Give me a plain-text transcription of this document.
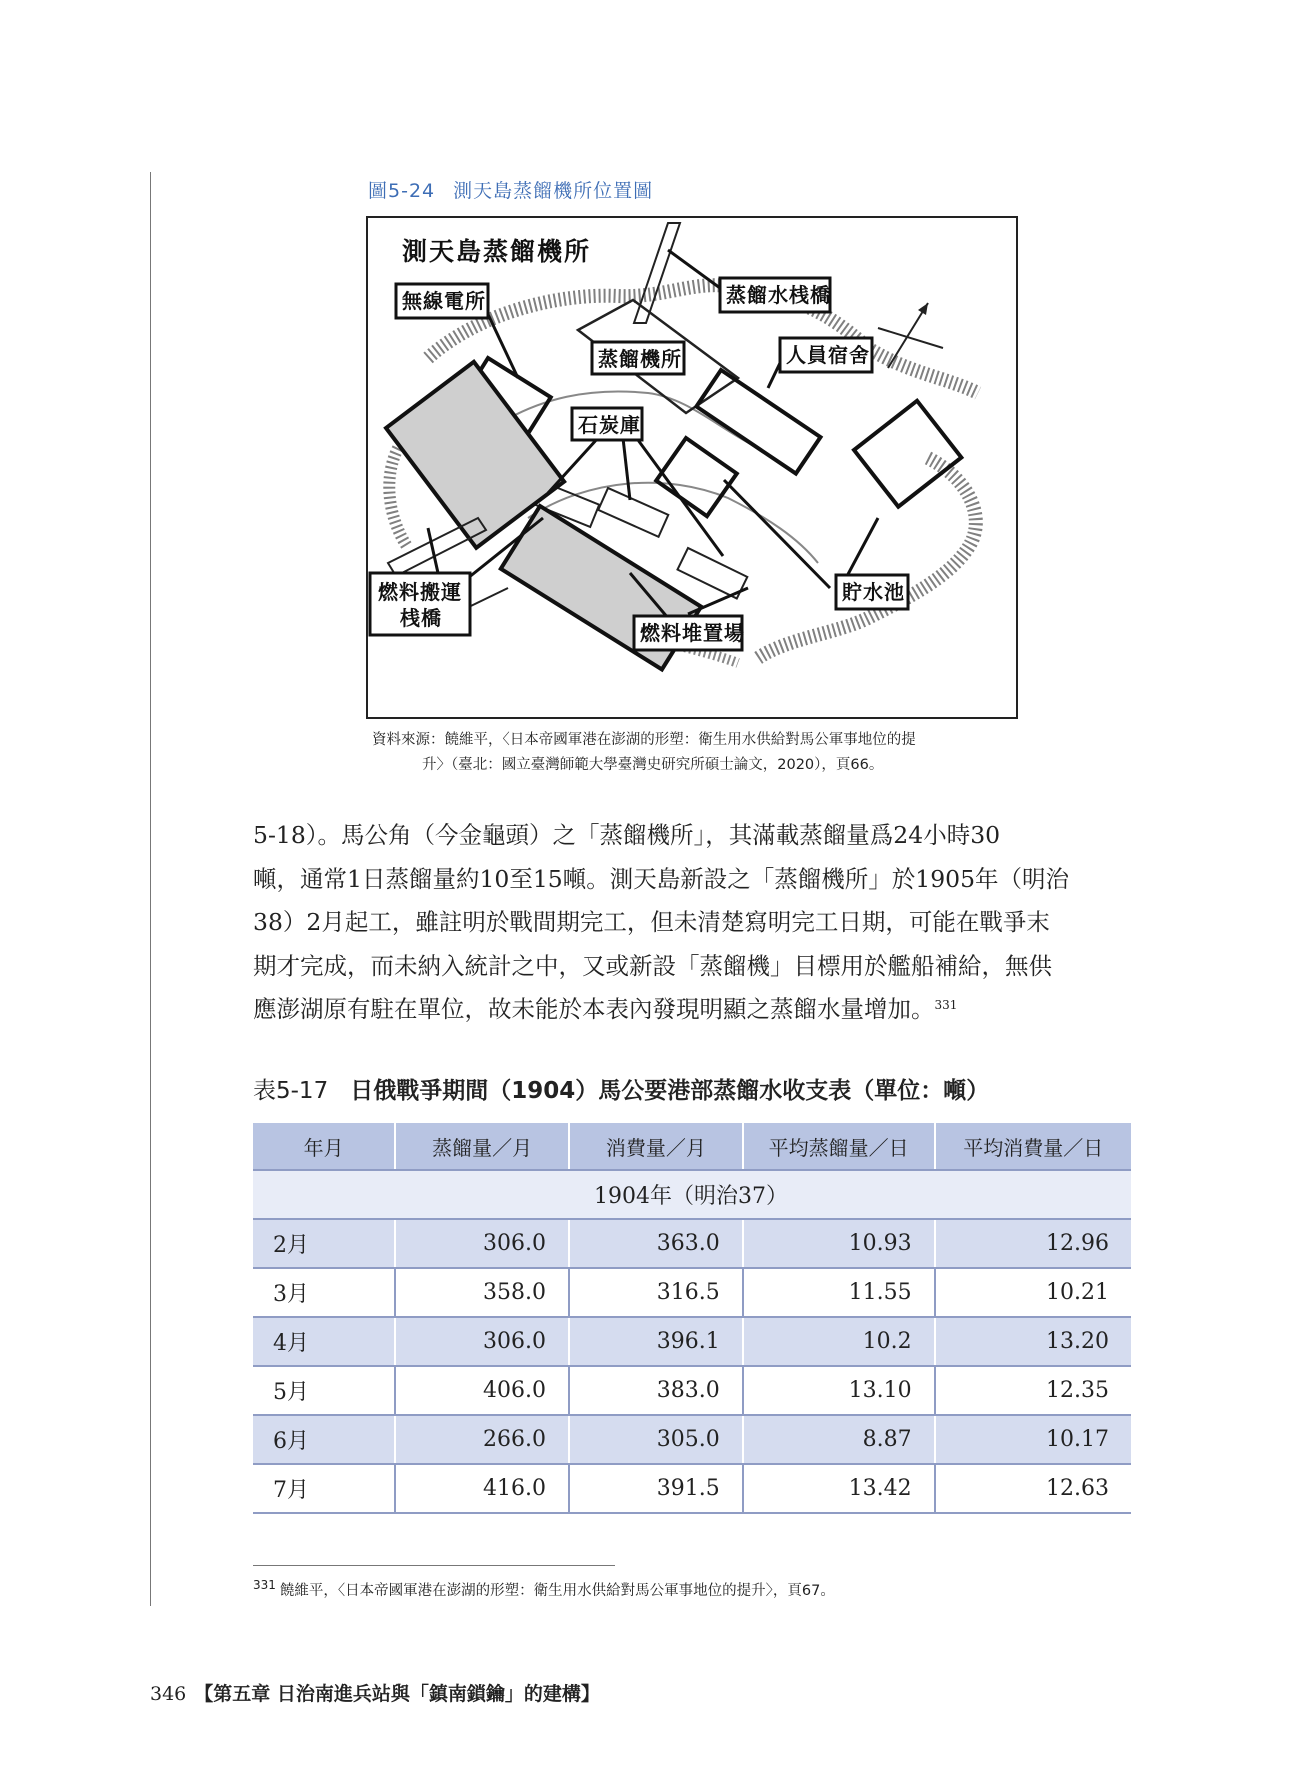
圖5-24 測天島蒸餾機所位置圖
測天島蒸餾機所
無線電所	蒸餾水桟橋
蒸餾機所	人員宿舍
石炭庫
燃料搬運
桟橋
貯水池
燃料堆置場
資料來源：饒維平，〈日本帝國軍港在澎湖的形塑：衛生用水供給對馬公軍事地位的提
升〉（臺北：國立臺灣師範大學臺灣史研究所碩士論文，2020），頁66。
5-18）。馬公角（今金龜頭）之「蒸餾機所」，其滿載蒸餾量爲24小時30
噸，通常1日蒸餾量約10至15噸。測天島新設之「蒸餾機所」於1905年（明治
38）2月起工，雖註明於戰間期完工，但未清楚寫明完工日期，可能在戰爭末
期才完成，而未納入統計之中，又或新設「蒸餾機」目標用於艦船補給，無供
應澎湖原有駐在單位，故未能於本表內發現明顯之蒸餾水量增加。$^{331}$
表5-17 日俄戰爭期間（1904）馬公要港部蒸餾水收支表（單位：噸）
年月	蒸餾量／月	消費量／月	平均蒸餾量／日	平均消費量／日
1904年（明治37）				
2月	306.0	363.0	10.93	12.96
3月	358.0	316.5	11.55	10.21
4月	306.0	396.1	10.2	13.20
5月	406.0	383.0	13.10	12.35
6月	266.0	305.0	8.87	10.17
7月	416.0	391.5	13.42	12.63
$^{331}$ 饒維平，〈日本帝國軍港在澎湖的形塑：衛生用水供給對馬公軍事地位的提升〉，頁67。
346 【第五章 日治南進兵站與「鎮南鎖鑰」的建構】
